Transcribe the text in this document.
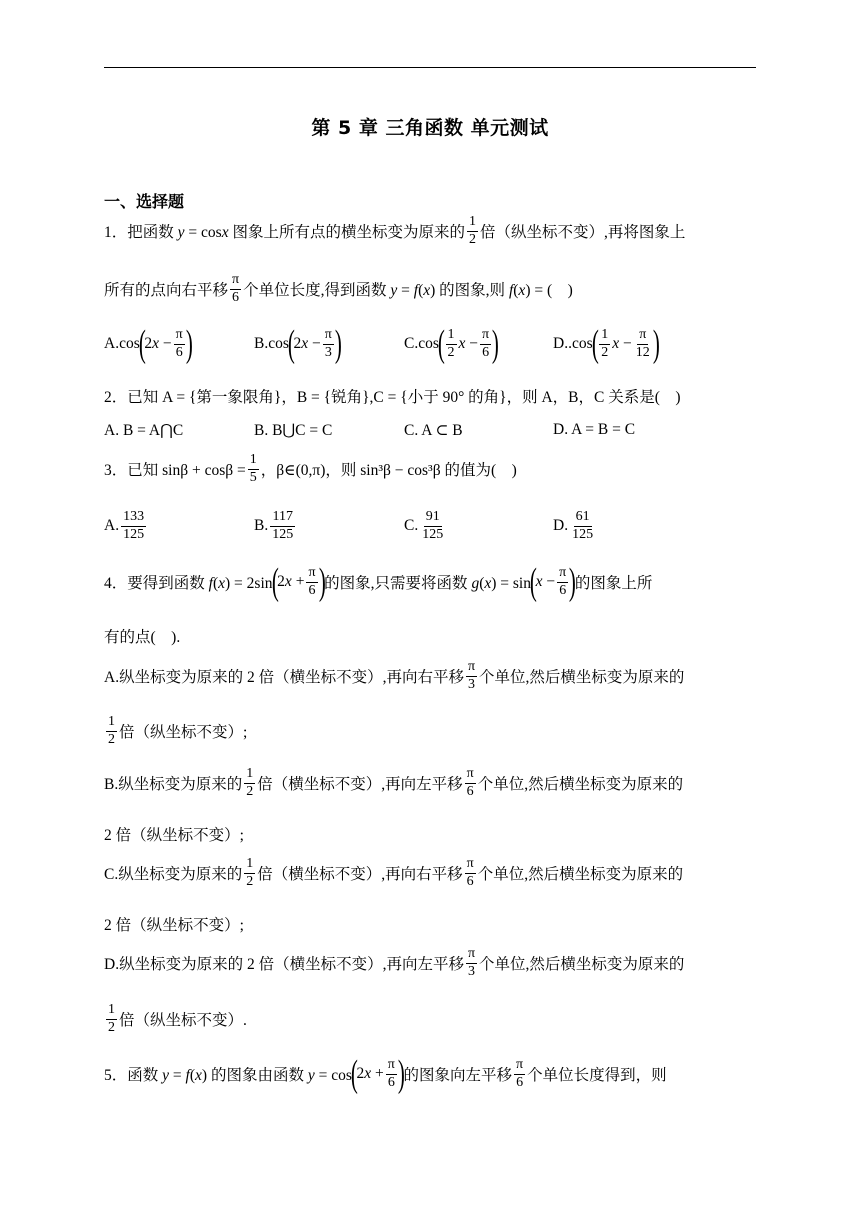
第 5 章 三角函数 单元测试
一、选择题
1．把函数 y = cosx 图象上所有点的横坐标变为原来的 $\frac{1}{2}$ 倍（纵坐标不变）,再将图象上
所有的点向右平移 $\frac{\pi}{6}$ 个单位长度,得到函数 y = f(x) 的图象,则 f(x) = (　)
A.cos
(
$2x - \frac{\pi}{6}$ )	B.cos
(
$2x - \frac{\pi}{3}$ )	C.cos
( $\frac{1}{2}$ $x - \frac{\pi}{6}$ )	D..cos
( $\frac{1}{2}$ $x - \frac{\pi}{12}$ )
2．已知 A = {第一象限角}，B = {锐角},C = {小于 90° 的角}，则 A，B，C 关系是(　)
A. B = A⋂C	B. B⋃C = C	C. A ⊂ B	D. A = B = C
3．已知 $\sin\beta + \cos\beta = \frac{1}{5}$ ，β∈(0,π)，则 sin³β − cos³β 的值为(　)
A. $\frac{133}{125}$	B. $\frac{117}{125}$	C. $\frac{91}{125}$	D. $\frac{61}{125}$
4．要得到函数 f(x) = 2sin
(
$2x + \frac{\pi}{6}$ )
的图象,只需要将函数 g(x) = sin
(
$x - \frac{\pi}{6}$ )
的图象上所
有的点(　).
A.纵坐标变为原来的 2 倍（横坐标不变）,再向右平移 $\frac{\pi}{3}$ 个单位,然后横坐标变为原来的
$\frac{1}{2}$ 倍（纵坐标不变）;
B.纵坐标变为原来的 $\frac{1}{2}$ 倍（横坐标不变）,再向左平移 $\frac{\pi}{6}$ 个单位,然后横坐标变为原来的
2 倍（纵坐标不变）;
C.纵坐标变为原来的 $\frac{1}{2}$ 倍（横坐标不变）,再向右平移 $\frac{\pi}{6}$ 个单位,然后横坐标变为原来的
2 倍（纵坐标不变）;
D.纵坐标变为原来的 2 倍（横坐标不变）,再向左平移 $\frac{\pi}{3}$ 个单位,然后横坐标变为原来的
$\frac{1}{2}$ 倍（纵坐标不变）.
5．函数 y = f(x) 的图象由函数 y = cos
(
$2x + \frac{\pi}{6}$ )
的图象向左平移 $\frac{\pi}{6}$ 个单位长度得到，则
